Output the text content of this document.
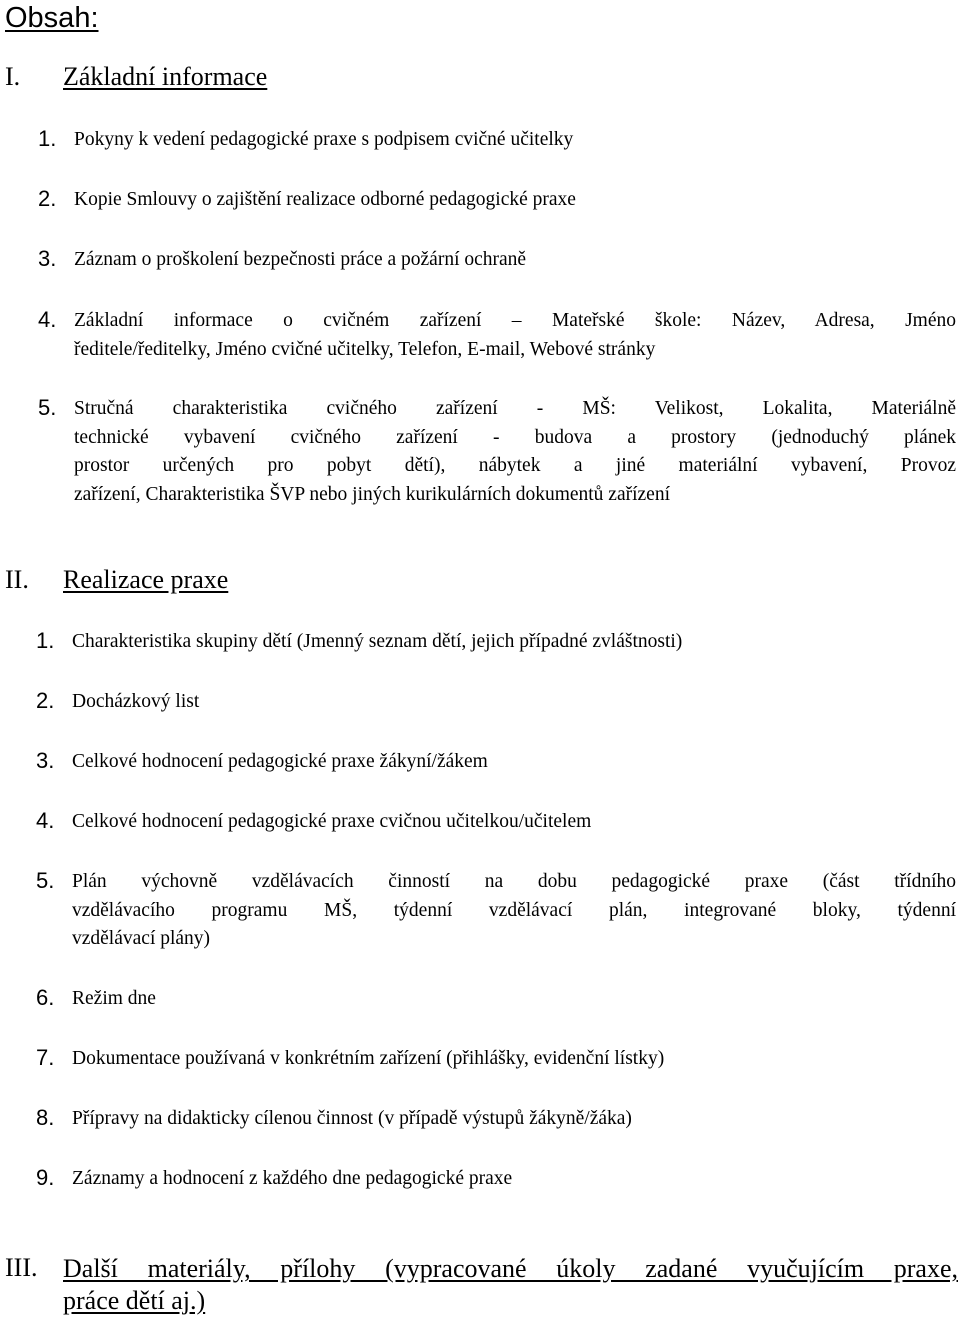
Obsah:
I. Základní informace
1. Pokyny k vedení pedagogické praxe s podpisem cvičné učitelky
2. Kopie Smlouvy o zajištění realizace odborné pedagogické praxe
3. Záznam o proškolení bezpečnosti práce a požární ochraně
4. Základní informace o cvičném zařízení – Mateřské škole: Název, Adresa, Jméno
ředitele/ředitelky, Jméno cvičné učitelky, Telefon, E-mail, Webové stránky
5. Stručná charakteristika cvičného zařízení - MŠ: Velikost, Lokalita, Materiálně
technické vybavení cvičného zařízení - budova a prostory (jednoduchý plánek
prostor určených pro pobyt dětí), nábytek a jiné materiální vybavení, Provoz
zařízení, Charakteristika ŠVP nebo jiných kurikulárních dokumentů zařízení
II. Realizace praxe
1. Charakteristika skupiny dětí (Jmenný seznam dětí, jejich případné zvláštnosti)
2. Docházkový list
3. Celkové hodnocení pedagogické praxe žákyní/žákem
4. Celkové hodnocení pedagogické praxe cvičnou učitelkou/učitelem
5. Plán výchovně vzdělávacích činností na dobu pedagogické praxe (část třídního
vzdělávacího programu MŠ, týdenní vzdělávací plán, integrované bloky, týdenní
vzdělávací plány)
6. Režim dne
7. Dokumentace používaná v konkrétním zařízení (přihlášky, evidenční lístky)
8. Přípravy na didakticky cílenou činnost (v případě výstupů žákyně/žáka)
9. Záznamy a hodnocení z každého dne pedagogické praxe
III. Další materiály, přílohy (vypracované úkoly zadané vyučujícím praxe,
práce dětí aj.)
